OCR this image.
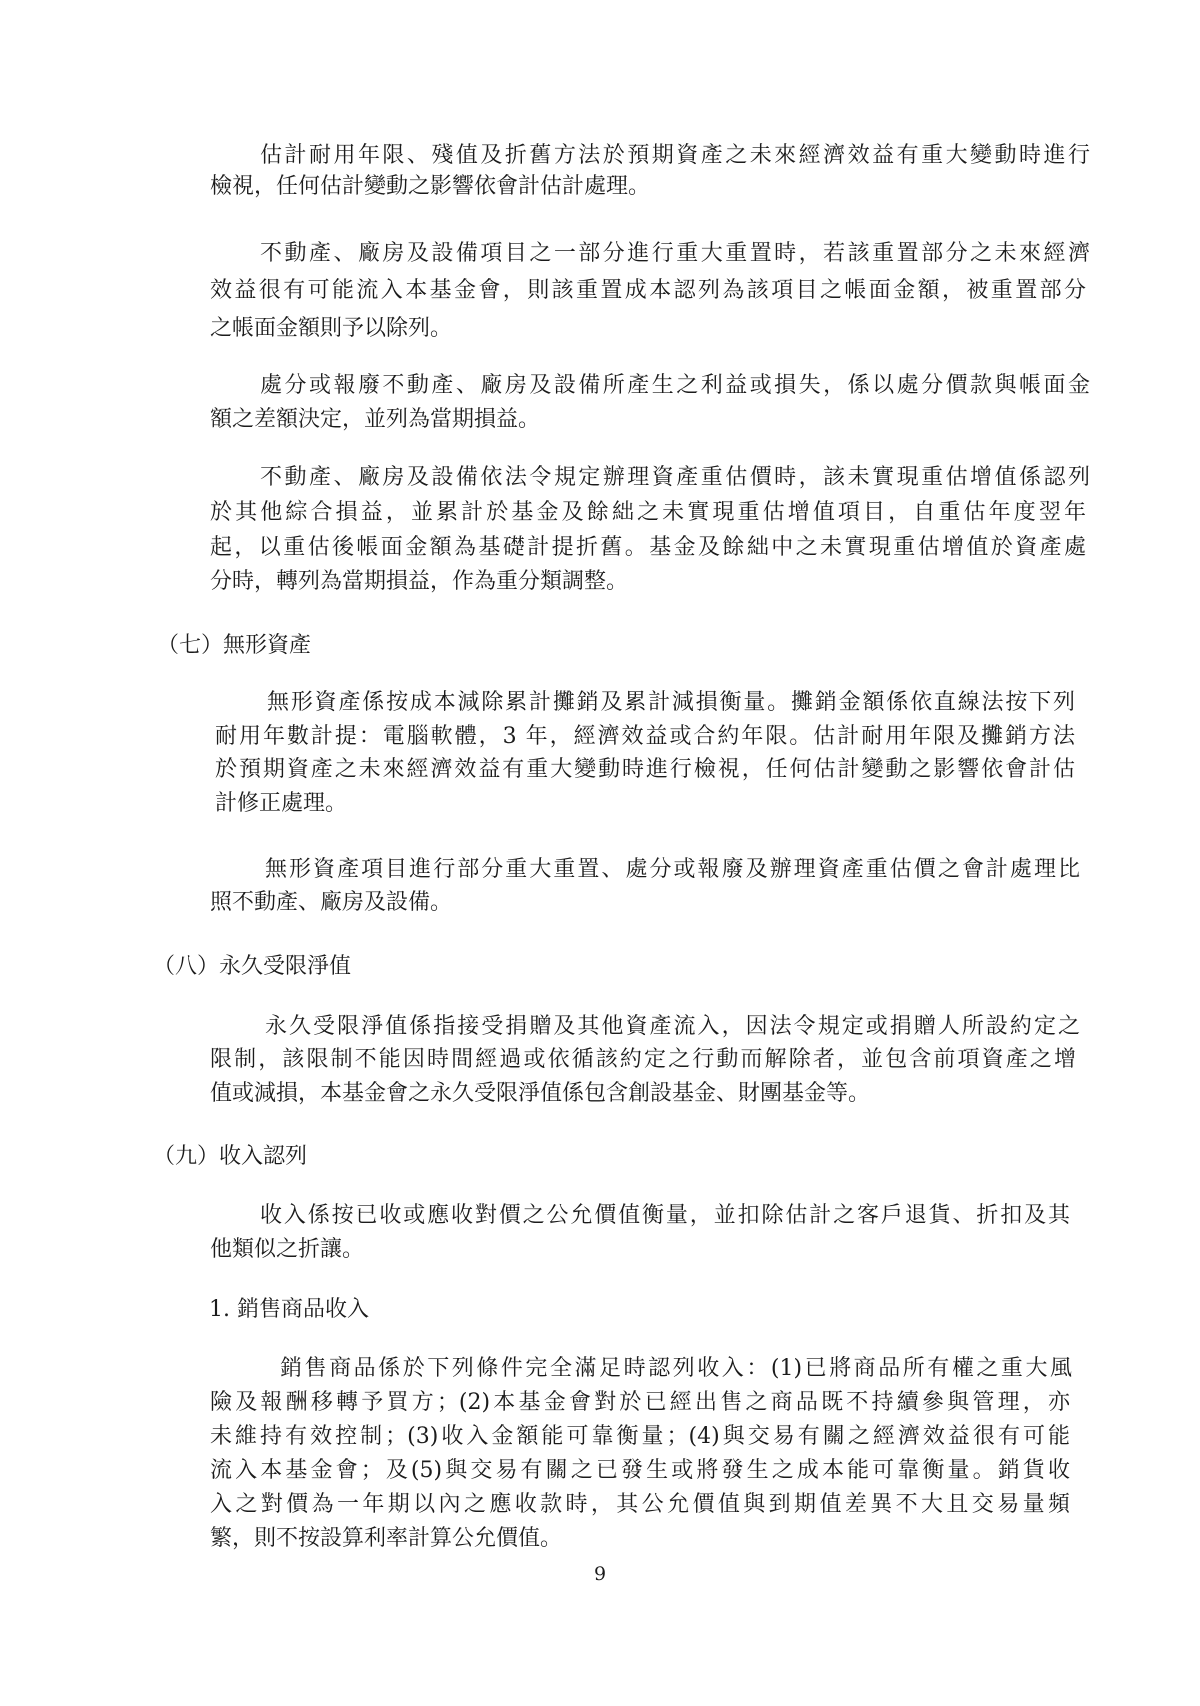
估計耐用年限、殘值及折舊方法於預期資產之未來經濟效益有重大變動時進行
檢視，任何估計變動之影響依會計估計處理。
不動產、廠房及設備項目之一部分進行重大重置時，若該重置部分之未來經濟
效益很有可能流入本基金會，則該重置成本認列為該項目之帳面金額，被重置部分
之帳面金額則予以除列。
處分或報廢不動產、廠房及設備所產生之利益或損失，係以處分價款與帳面金
額之差額決定，並列為當期損益。
不動產、廠房及設備依法令規定辦理資產重估價時，該未實現重估增值係認列
於其他綜合損益，並累計於基金及餘絀之未實現重估增值項目，自重估年度翌年
起，以重估後帳面金額為基礎計提折舊。基金及餘絀中之未實現重估增值於資產處
分時，轉列為當期損益，作為重分類調整。
（七）無形資產
無形資產係按成本減除累計攤銷及累計減損衡量。攤銷金額係依直線法按下列
耐用年數計提：電腦軟體，3 年，經濟效益或合約年限。估計耐用年限及攤銷方法
於預期資產之未來經濟效益有重大變動時進行檢視，任何估計變動之影響依會計估
計修正處理。
無形資產項目進行部分重大重置、處分或報廢及辦理資產重估價之會計處理比
照不動產、廠房及設備。
（八）永久受限淨值
永久受限淨值係指接受捐贈及其他資產流入，因法令規定或捐贈人所設約定之
限制，該限制不能因時間經過或依循該約定之行動而解除者，並包含前項資產之增
值或減損，本基金會之永久受限淨值係包含創設基金、財團基金等。
（九）收入認列
收入係按已收或應收對價之公允價值衡量，並扣除估計之客戶退貨、折扣及其
他類似之折讓。
1. 銷售商品收入
銷售商品係於下列條件完全滿足時認列收入：(1)已將商品所有權之重大風
險及報酬移轉予買方；(2)本基金會對於已經出售之商品既不持續參與管理，亦
未維持有效控制；(3)收入金額能可靠衡量；(4)與交易有關之經濟效益很有可能
流入本基金會；及(5)與交易有關之已發生或將發生之成本能可靠衡量。銷貨收
入之對價為一年期以內之應收款時，其公允價值與到期值差異不大且交易量頻
繁，則不按設算利率計算公允價值。
9
